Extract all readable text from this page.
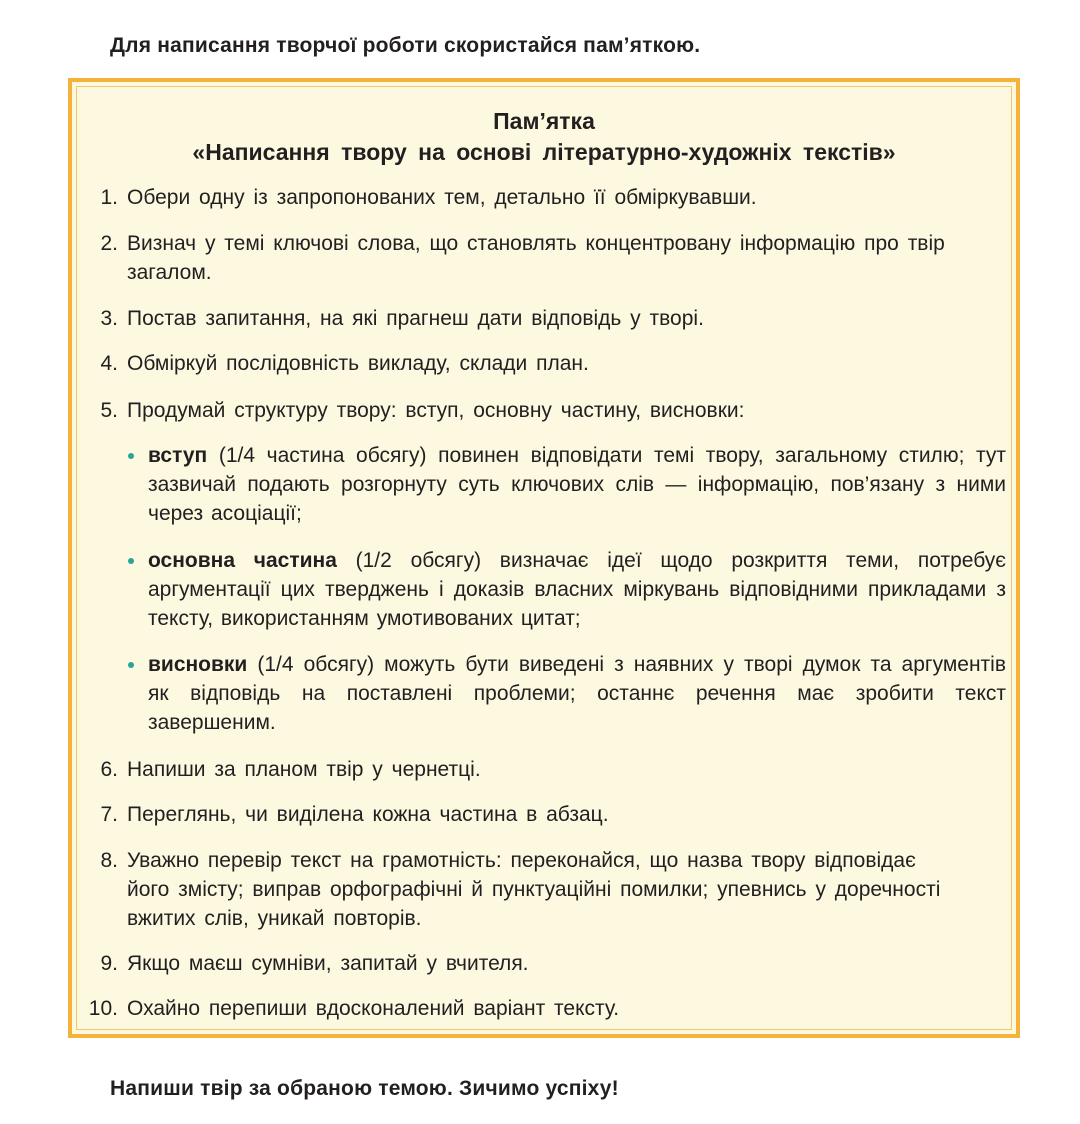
Для написання творчої роботи скористайся пам’яткою.
Пам’ятка
«Написання твору на основі літературно-художніх текстів»
1. Обери одну із запропонованих тем, детально її обміркувавши.
2. Визнач у темі ключові слова, що становлять концентровану інформацію про твір загалом.
3. Постав запитання, на які прагнеш дати відповідь у творі.
4. Обміркуй послідовність викладу, склади план.
5. Продумай структуру твору: вступ, основну частину, висновки:
вступ (1/4 частина обсягу) повинен відповідати темі твору, загальному стилю; тут зазвичай подають розгорнуту суть ключових слів — інформацію, пов’язану з ними через асоціації;
основна частина (1/2 обсягу) визначає ідеї щодо розкриття теми, потребує аргументації цих тверджень і доказів власних міркувань відповідними прикладами з тексту, використанням умотивованих цитат;
висновки (1/4 обсягу) можуть бути виведені з наявних у творі думок та аргументів як відповідь на поставлені проблеми; останнє речення має зробити текст завершеним.
6. Напиши за планом твір у чернетці.
7. Переглянь, чи виділена кожна частина в абзац.
8. Уважно перевір текст на грамотність: переконайся, що назва твору відповідає його змісту; виправ орфографічні й пунктуаційні помилки; упевнись у доречності вжитих слів, уникай повторів.
9. Якщо маєш сумніви, запитай у вчителя.
10. Охайно перепиши вдосконалений варіант тексту.
Напиши твір за обраною темою. Зичимо успіху!
